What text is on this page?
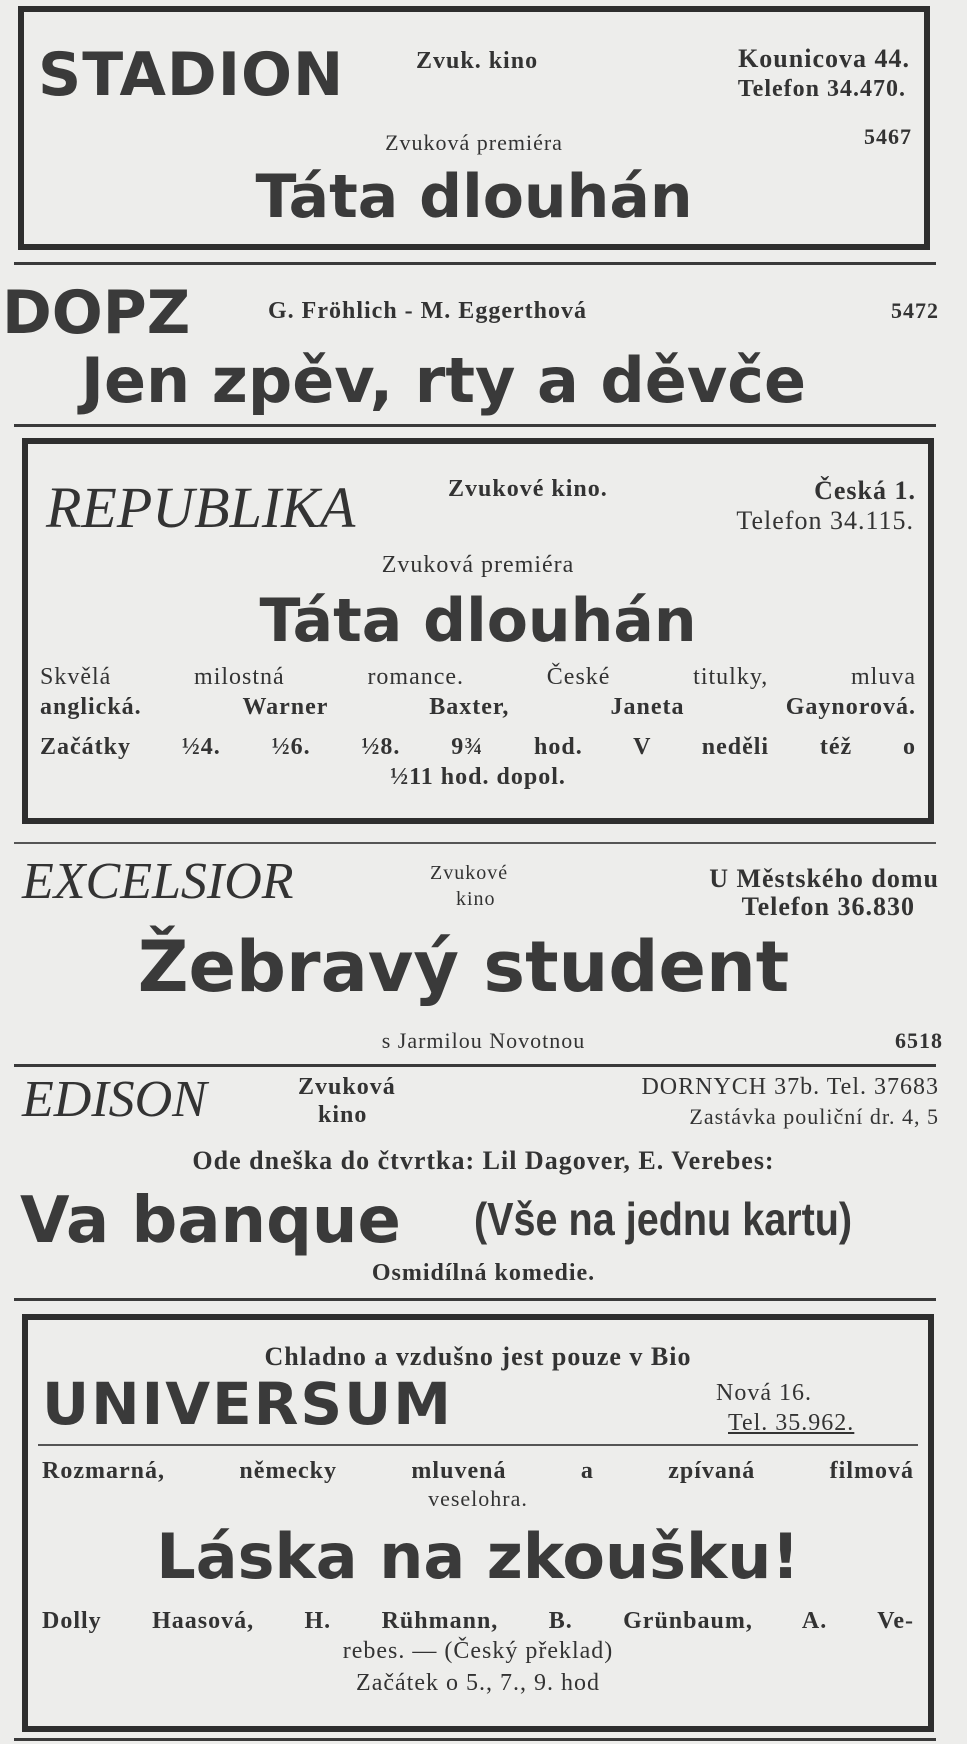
STADION	Zvuk. kino	Kounicova 44.
Telefon 34.470.
Zvuková premiéra	5467
Táta dlouhán
DOPZ	G. Fröhlich - M. Eggerthová	5472
Jen zpěv, rty a děvče
REPUBLIKA	Zvukové kino.	Česká 1.
Telefon 34.115.
Zvuková premiéra
Táta dlouhán
Skvělá milostná romance. České titulky, mluva
anglická. Warner Baxter, Janeta Gaynorová.
Začátky ½4. ½6. ½8. 9¾ hod. V neděli též o
½11 hod. dopol.
EXCELSIOR	Zvukové
kino
U Městského domu
Telefon 36.830
Žebravý student
s Jarmilou Novotnou	6518
EDISON	Zvuková
kino
DORNYCH 37b. Tel. 37683
Zastávka pouliční dr. 4, 5
Ode dneška do čtvrtka: Lil Dagover, E. Verebes:
Va banque (Vše na jednu kartu)
Osmidílná komedie.
Chladno a vzdušno jest pouze v Bio
UNIVERSUM	Nová 16.
Tel. 35.962.
Rozmarná, německy mluvená a zpívaná filmová
veselohra.
Láska na zkoušku!
Dolly Haasová, H. Rühmann, B. Grünbaum, A. Ve-
rebes. — (Český překlad)
Začátek o 5., 7., 9. hod
